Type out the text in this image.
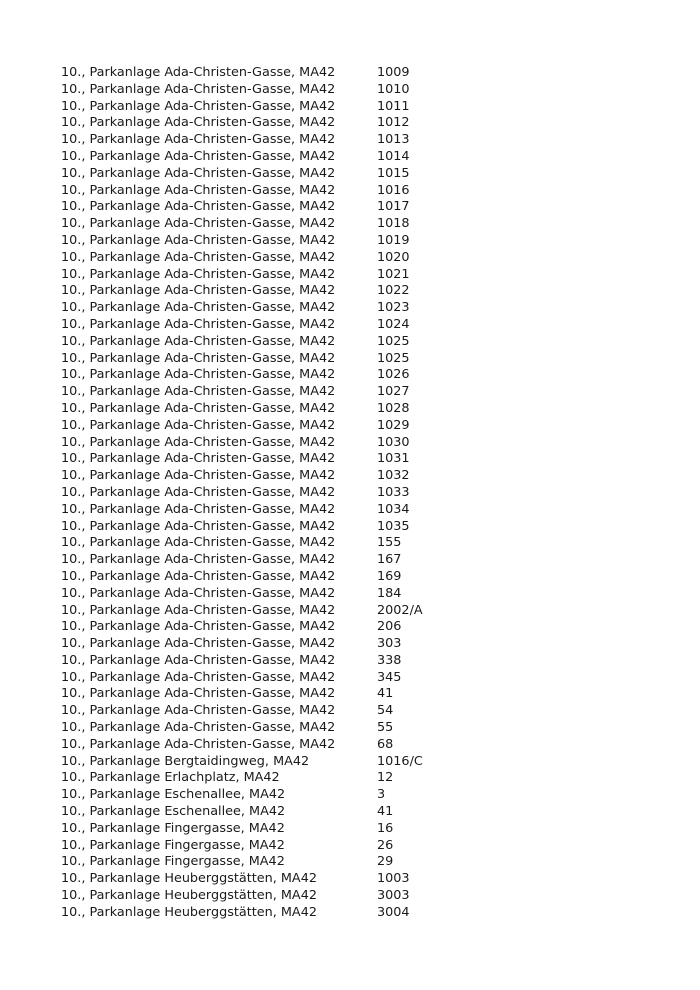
10., Parkanlage Ada-Christen-Gasse, MA42	1009
10., Parkanlage Ada-Christen-Gasse, MA42	1010
10., Parkanlage Ada-Christen-Gasse, MA42	1011
10., Parkanlage Ada-Christen-Gasse, MA42	1012
10., Parkanlage Ada-Christen-Gasse, MA42	1013
10., Parkanlage Ada-Christen-Gasse, MA42	1014
10., Parkanlage Ada-Christen-Gasse, MA42	1015
10., Parkanlage Ada-Christen-Gasse, MA42	1016
10., Parkanlage Ada-Christen-Gasse, MA42	1017
10., Parkanlage Ada-Christen-Gasse, MA42	1018
10., Parkanlage Ada-Christen-Gasse, MA42	1019
10., Parkanlage Ada-Christen-Gasse, MA42	1020
10., Parkanlage Ada-Christen-Gasse, MA42	1021
10., Parkanlage Ada-Christen-Gasse, MA42	1022
10., Parkanlage Ada-Christen-Gasse, MA42	1023
10., Parkanlage Ada-Christen-Gasse, MA42	1024
10., Parkanlage Ada-Christen-Gasse, MA42	1025
10., Parkanlage Ada-Christen-Gasse, MA42	1025
10., Parkanlage Ada-Christen-Gasse, MA42	1026
10., Parkanlage Ada-Christen-Gasse, MA42	1027
10., Parkanlage Ada-Christen-Gasse, MA42	1028
10., Parkanlage Ada-Christen-Gasse, MA42	1029
10., Parkanlage Ada-Christen-Gasse, MA42	1030
10., Parkanlage Ada-Christen-Gasse, MA42	1031
10., Parkanlage Ada-Christen-Gasse, MA42	1032
10., Parkanlage Ada-Christen-Gasse, MA42	1033
10., Parkanlage Ada-Christen-Gasse, MA42	1034
10., Parkanlage Ada-Christen-Gasse, MA42	1035
10., Parkanlage Ada-Christen-Gasse, MA42	155
10., Parkanlage Ada-Christen-Gasse, MA42	167
10., Parkanlage Ada-Christen-Gasse, MA42	169
10., Parkanlage Ada-Christen-Gasse, MA42	184
10., Parkanlage Ada-Christen-Gasse, MA42	2002/A
10., Parkanlage Ada-Christen-Gasse, MA42	206
10., Parkanlage Ada-Christen-Gasse, MA42	303
10., Parkanlage Ada-Christen-Gasse, MA42	338
10., Parkanlage Ada-Christen-Gasse, MA42	345
10., Parkanlage Ada-Christen-Gasse, MA42	41
10., Parkanlage Ada-Christen-Gasse, MA42	54
10., Parkanlage Ada-Christen-Gasse, MA42	55
10., Parkanlage Ada-Christen-Gasse, MA42	68
10., Parkanlage Bergtaidingweg, MA42	1016/C
10., Parkanlage Erlachplatz, MA42	12
10., Parkanlage Eschenallee, MA42	3
10., Parkanlage Eschenallee, MA42	41
10., Parkanlage Fingergasse, MA42	16
10., Parkanlage Fingergasse, MA42	26
10., Parkanlage Fingergasse, MA42	29
10., Parkanlage Heuberggstätten, MA42	1003
10., Parkanlage Heuberggstätten, MA42	3003
10., Parkanlage Heuberggstätten, MA42	3004
